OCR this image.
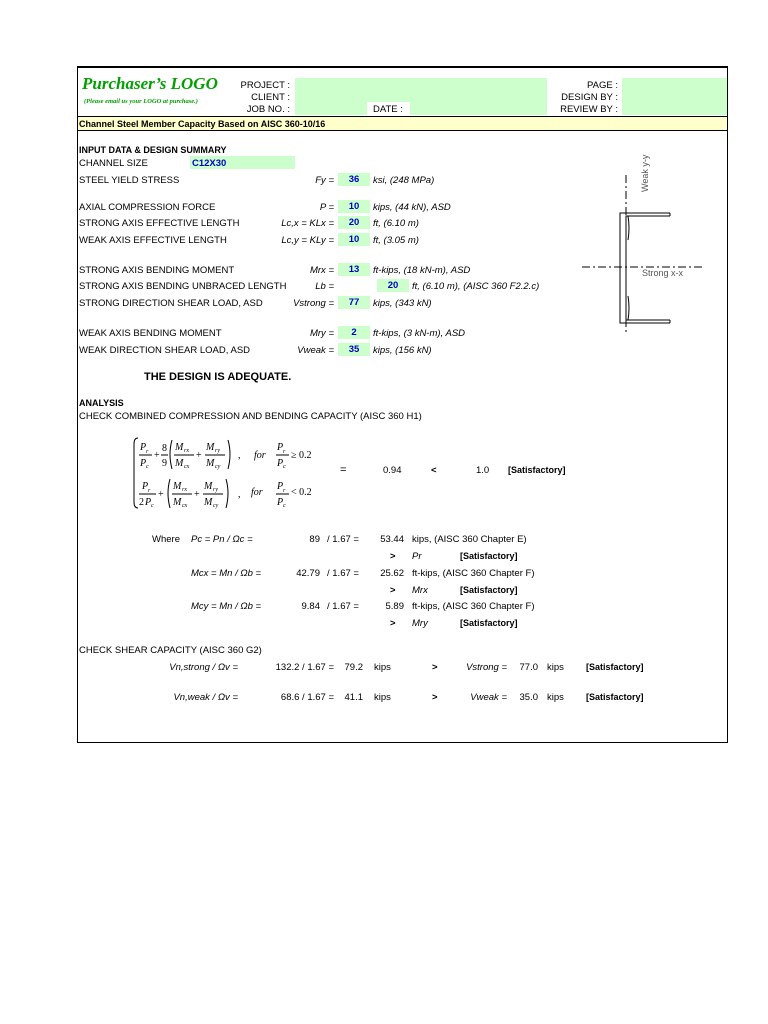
Purchaser’s LOGO
(Please email us your LOGO at purchase.)
PROJECT :
CLIENT :
JOB NO. :	DATE :
PAGE :
DESIGN BY :
REVIEW BY :
Channel Steel Member Capacity Based on AISC 360-10/16
INPUT DATA & DESIGN SUMMARY
CHANNEL SIZE	C12X30	Weak y-y
Strong x-x
THE DESIGN IS ADEQUATE.
ANALYSIS
CHECK COMBINED COMPRESSION AND BENDING CAPACITY (AISC 360 H1)
P r
P c
+
8
9
M rx
M cx
+
M ry
M cy
,
P r
2 P c
+
M rx
M cx
+
M ry
M cy
,
P r
P c
P r
P c
for	≥ 0.2
for	< 0.2
=	0.94	<	1.0 [Satisfactory]
Where
CHECK SHEAR CAPACITY (AISC 360 G2)
STEEL YIELD STRESS	Fy =	36	ksi, (248 MPa)
AXIAL COMPRESSION FORCE	P =	10	kips, (44 kN), ASD
STRONG AXIS EFFECTIVE LENGTH	Lc,x = KLx =	20	ft, (6.10 m)
WEAK AXIS EFFECTIVE LENGTH	Lc,y = KLy =	10	ft, (3.05 m)
STRONG AXIS BENDING MOMENT	Mrx =	13	ft-kips, (18 kN-m), ASD
STRONG AXIS BENDING UNBRACED LENGTH	Lb =	20	ft, (6.10 m), (AISC 360 F2.2.c)
STRONG DIRECTION SHEAR LOAD, ASD	Vstrong =	77	kips, (343 kN)
WEAK AXIS BENDING MOMENT	Mry =	2	ft-kips, (3 kN-m), ASD
WEAK DIRECTION SHEAR LOAD, ASD	Vweak =	35	kips, (156 kN)
Pc = Pn / Ωc =	89 / 1.67 =	53.44 kips, (AISC 360 Chapter E)
> Pr	[Satisfactory]
Mcx = Mn / Ωb =	42.79 / 1.67 =	25.62 ft-kips, (AISC 360 Chapter F)
> Mrx	[Satisfactory]
Mcy = Mn / Ωb =	9.84 / 1.67 =	5.89 ft-kips, (AISC 360 Chapter F)
> Mry	[Satisfactory]
Vn,strong / Ωv =	132.2 / 1.67 =	79.2 kips	>	Vstrong =	77.0 kips [Satisfactory]
Vn,weak / Ωv =	68.6 / 1.67 =	41.1 kips	>	Vweak =	35.0 kips [Satisfactory]
